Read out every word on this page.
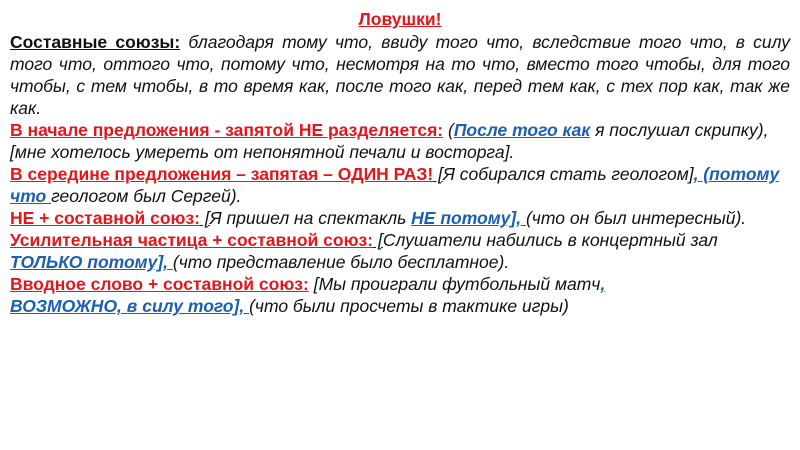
Ловушки!

Составные союзы: благодаря тому что, ввиду того что, вследствие того что, в силу того что, оттого что, потому что, несмотря на то что, вместо того чтобы, для того чтобы, с тем чтобы, в то время как, после того как, перед тем как, с тех пор как, так же как.

В начале предложения - запятой НЕ разделяется: (После того как я послушал скрипку), [мне хотелось умереть от непонятной печали и восторга].

В середине предложения – запятая – ОДИН РАЗ! [Я собирался стать геологом], (потому что геологом был Сергей).

НЕ + составной союз: [Я пришел на спектакль НЕ потому], (что он был интересный).

Усилительная частица + составной союз: [Слушатели набились в концертный зал ТОЛЬКО потому], (что представление было бесплатное).

Вводное слово + составной союз: [Мы проиграли футбольный матч,
ВОЗМОЖНО, в силу того], (что были просчеты в тактике игры)
